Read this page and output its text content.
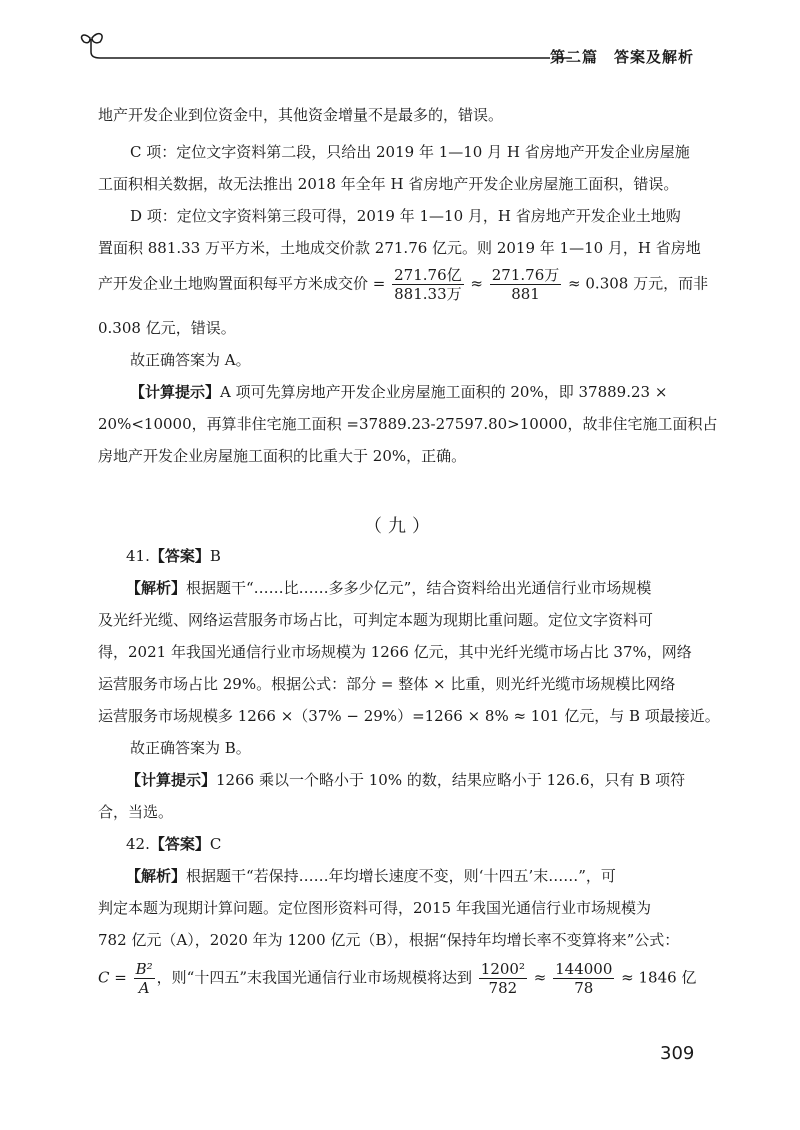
第二篇　答案及解析
地产开发企业到位资金中，其他资金增量不是最多的，错误。
C 项：定位文字资料第二段，只给出 2019 年 1—10 月 H 省房地产开发企业房屋施
工面积相关数据，故无法推出 2018 年全年 H 省房地产开发企业房屋施工面积，错误。
D 项：定位文字资料第三段可得，2019 年 1—10 月，H 省房地产开发企业土地购
置面积 881.33 万平方米，土地成交价款 271.76 亿元。则 2019 年 1—10 月，H 省房地
产开发企业土地购置面积每平方米成交价 = $\frac{\text{271.76亿}}{\text{881.33万}} \approx \frac{\text{271.76万}}{881} \approx 0.308$ 万元，而非
0.308 亿元，错误。
故正确答案为 A。
【计算提示】A 项可先算房地产开发企业房屋施工面积的 20%，即 37889.23 ×
20%<10000，再算非住宅施工面积 =37889.23-27597.80>10000，故非住宅施工面积占
房地产开发企业房屋施工面积的比重大于 20%，正确。
（九）
41.【答案】B
【解析】根据题干“……比……多多少亿元”，结合资料给出光通信行业市场规模
及光纤光缆、网络运营服务市场占比，可判定本题为现期比重问题。定位文字资料可
得，2021 年我国光通信行业市场规模为 1266 亿元，其中光纤光缆市场占比 37%，网络
运营服务市场占比 29%。根据公式：部分 = 整体 × 比重，则光纤光缆市场规模比网络
运营服务市场规模多 1266 ×（37% − 29%）=1266 × 8% ≈ 101 亿元，与 B 项最接近。
故正确答案为 B。
【计算提示】1266 乘以一个略小于 10% 的数，结果应略小于 126.6，只有 B 项符
合，当选。
42.【答案】C
【解析】根据题干“若保持……年均增长速度不变，则‘十四五’末……”，可
判定本题为现期计算问题。定位图形资料可得，2015 年我国光通信行业市场规模为
782 亿元（A），2020 年为 1200 亿元（B），根据“保持年均增长率不变算将来”公式：
$C = \frac{\text{B²}}{A}$ ，则“十四五”末我国光通信行业市场规模将达到 $\frac{\text{1200²}}{782} \approx \frac{144000}{78} \approx 1846$ 亿
309
